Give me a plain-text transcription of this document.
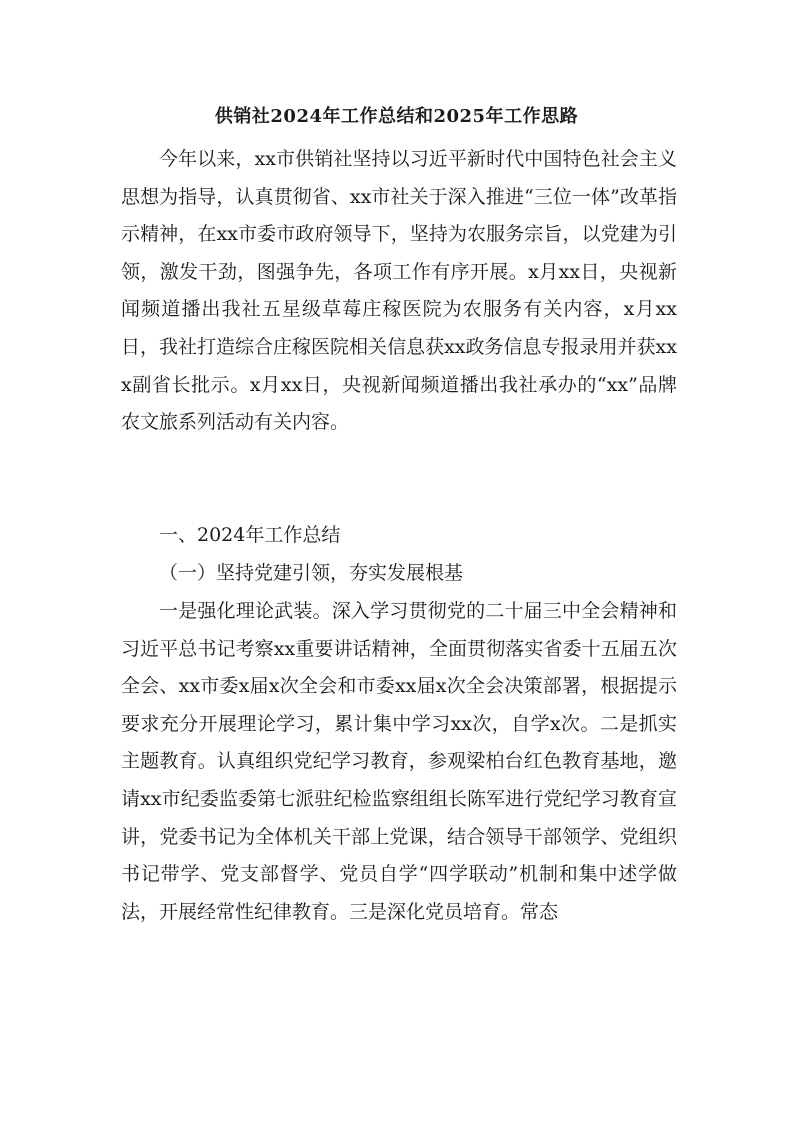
供销社2024年工作总结和2025年工作思路
今年以来，xx市供销社坚持以习近平新时代中国特色社会主义思想为指导，认真贯彻省、xx市社关于深入推进“三位一体”改革指示精神，在xx市委市政府领导下，坚持为农服务宗旨，以党建为引领，激发干劲，图强争先，各项工作有序开展。x月xx日，央视新闻频道播出我社五星级草莓庄稼医院为农服务有关内容，x月xx日，我社打造综合庄稼医院相关信息获xx政务信息专报录用并获xxx副省长批示。x月xx日，央视新闻频道播出我社承办的“xx”品牌农文旅系列活动有关内容。
一、2024年工作总结
（一）坚持党建引领，夯实发展根基
一是强化理论武装。深入学习贯彻党的二十届三中全会精神和习近平总书记考察xx重要讲话精神，全面贯彻落实省委十五届五次全会、xx市委x届x次全会和市委xx届x次全会决策部署，根据提示要求充分开展理论学习，累计集中学习xx次，自学x次。二是抓实主题教育。认真组织党纪学习教育，参观梁柏台红色教育基地，邀请xx市纪委监委第七派驻纪检监察组组长陈军进行党纪学习教育宣讲，党委书记为全体机关干部上党课，结合领导干部领学、党组织书记带学、党支部督学、党员自学“四学联动”机制和集中述学做法，开展经常性纪律教育。三是深化党员培育。常态
